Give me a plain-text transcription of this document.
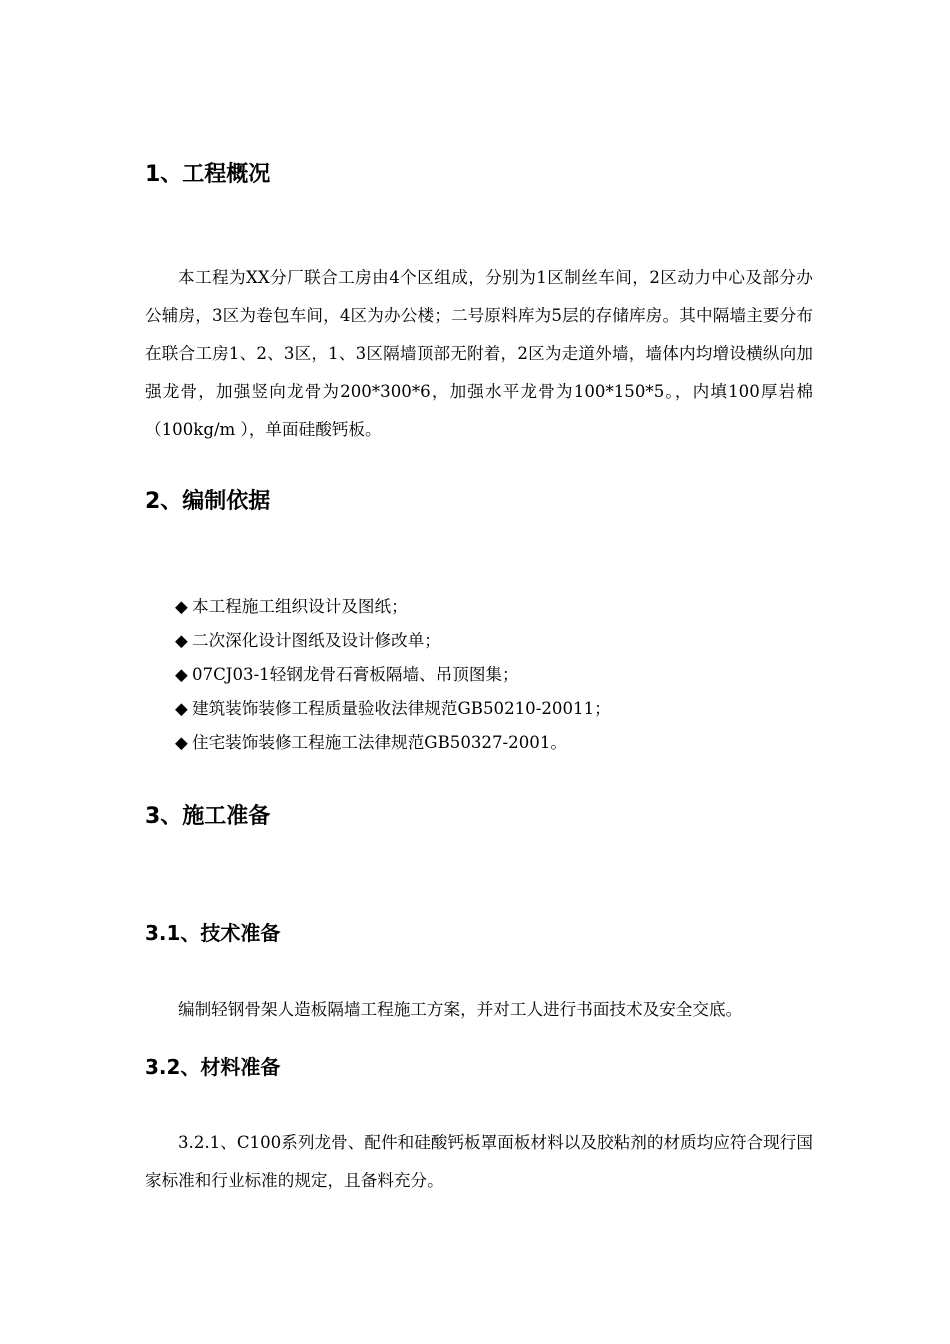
1、工程概况

本工程为XX分厂联合工房由4个区组成，分别为1区制丝车间，2区动力中心及部分办公辅房，3区为卷包车间，4区为办公楼；二号原料库为5层的存储库房。其中隔墙主要分布在联合工房1、2、3区，1、3区隔墙顶部无附着，2区为走道外墙，墙体内均增设横纵向加强龙骨，加强竖向龙骨为200*300*6，加强水平龙骨为100*150*5。，内填100厚岩棉（100kg/m ），单面硅酸钙板。

2、编制依据
◆ 本工程施工组织设计及图纸；
◆ 二次深化设计图纸及设计修改单；
◆ 07CJ03-1轻钢龙骨石膏板隔墙、吊顶图集；
◆ 建筑装饰装修工程质量验收法律规范GB50210-20011；
◆ 住宅装饰装修工程施工法律规范GB50327-2001。
3、施工准备
3.1、技术准备

编制轻钢骨架人造板隔墙工程施工方案，并对工人进行书面技术及安全交底。

3.2、材料准备

3.2.1、C100系列龙骨、配件和硅酸钙板罩面板材料以及胶粘剂的材质均应符合现行国家标准和行业标准的规定，且备料充分。
